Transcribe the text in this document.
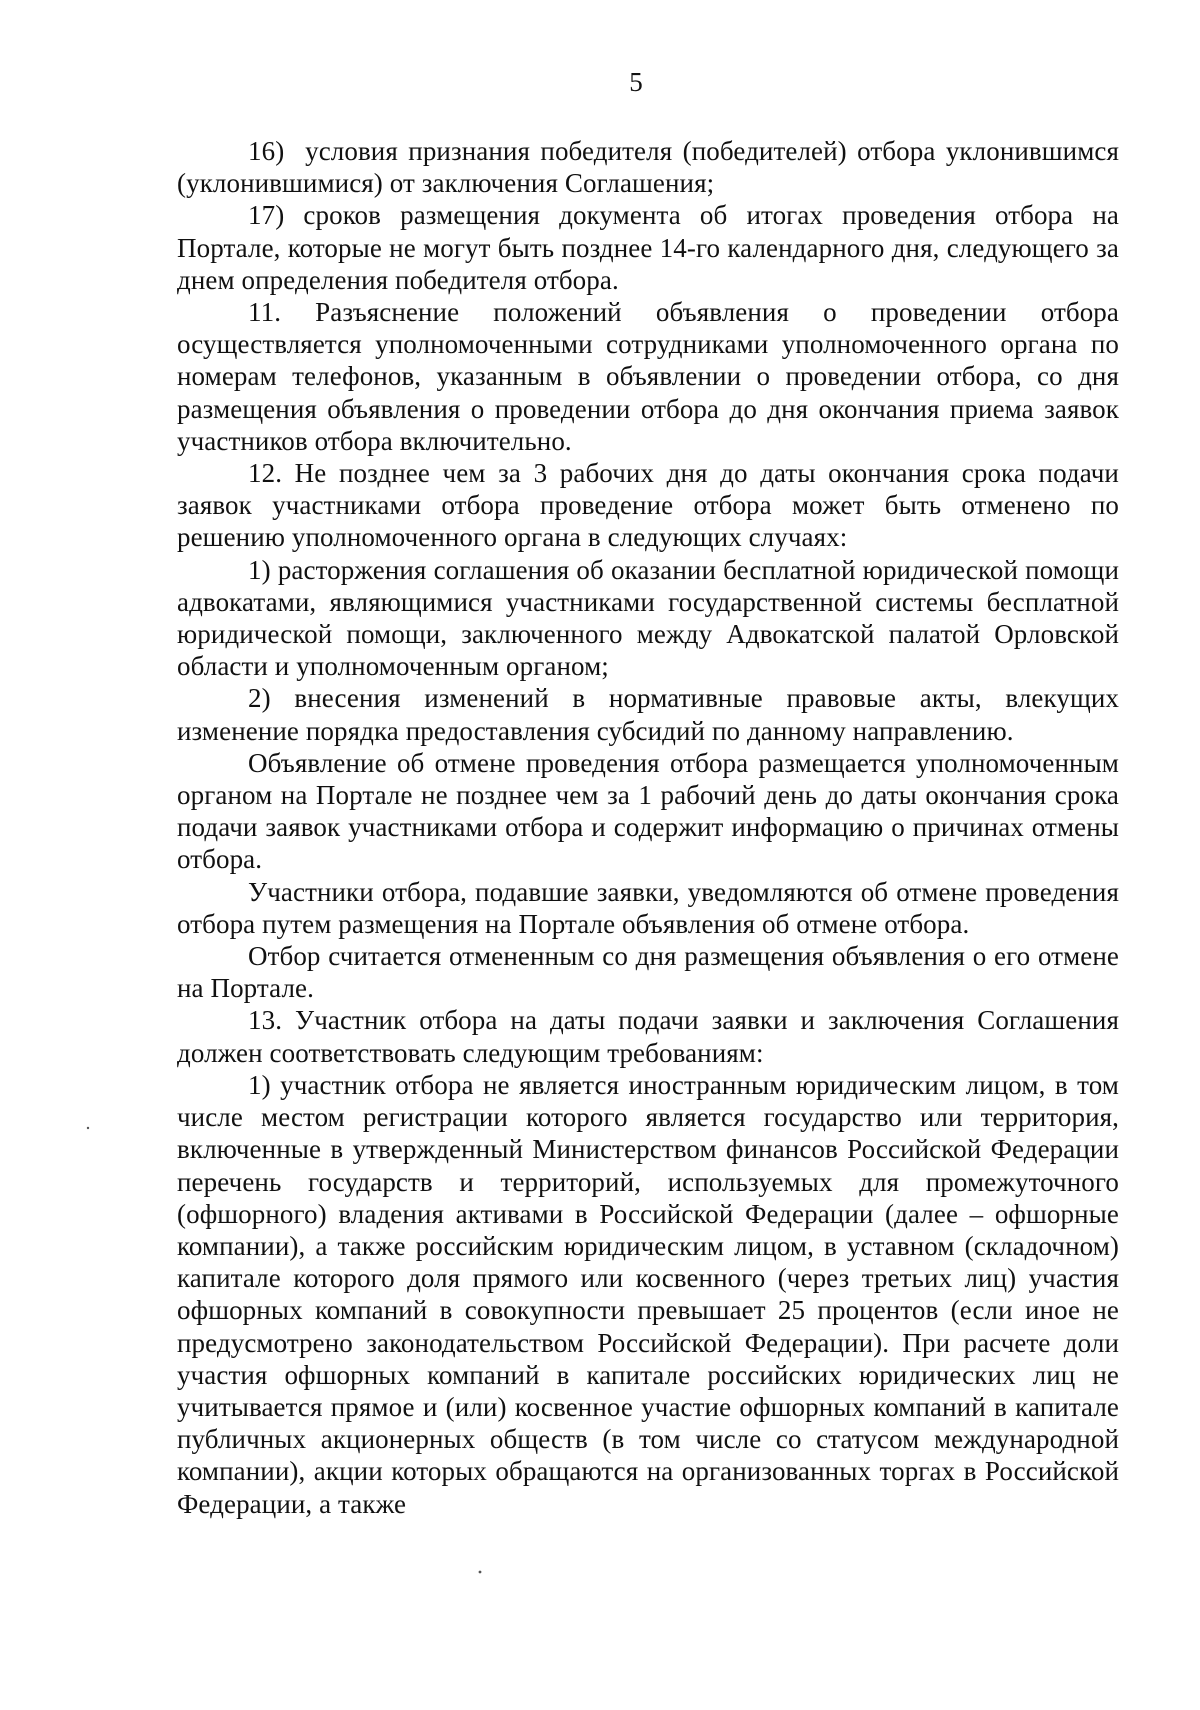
5

16)  условия признания победителя (победителей) отбора уклонившимся (уклонившимися) от заключения Соглашения;

17) сроков размещения документа об итогах проведения отбора на Портале, которые не могут быть позднее 14-го календарного дня, следующего за днем определения победителя отбора.

11. Разъяснение положений объявления о проведении отбора осуществляется уполномоченными сотрудниками уполномоченного органа по номерам телефонов, указанным в объявлении о проведении отбора, со дня размещения объявления о проведении отбора до дня окончания приема заявок участников отбора включительно.

12. Не позднее чем за 3 рабочих дня до даты окончания срока подачи заявок участниками отбора проведение отбора может быть отменено по решению уполномоченного органа в следующих случаях:

1) расторжения соглашения об оказании бесплатной юридической помощи адвокатами, являющимися участниками государственной системы бесплатной юридической помощи, заключенного между Адвокатской палатой Орловской области и уполномоченным органом;

2) внесения изменений в нормативные правовые акты, влекущих изменение порядка предоставления субсидий по данному направлению.

Объявление об отмене проведения отбора размещается уполномоченным органом на Портале не позднее чем за 1 рабочий день до даты окончания срока подачи заявок участниками отбора и содержит информацию о причинах отмены отбора.

Участники отбора, подавшие заявки, уведомляются об отмене проведения отбора путем размещения на Портале объявления об отмене отбора.

Отбор считается отмененным со дня размещения объявления о его отмене на Портале.

13. Участник отбора на даты подачи заявки и заключения Соглашения должен соответствовать следующим требованиям:

1) участник отбора не является иностранным юридическим лицом, в том числе местом регистрации которого является государство или территория, включенные в утвержденный Министерством финансов Российской Федерации перечень государств и территорий, используемых для промежуточного (офшорного) владения активами в Российской Федерации (далее – офшорные компании), а также российским юридическим лицом, в уставном (складочном) капитале которого доля прямого или косвенного (через третьих лиц) участия офшорных компаний в совокупности превышает 25 процентов (если иное не предусмотрено законодательством Российской Федерации). При расчете доли участия офшорных компаний в капитале российских юридических лиц не учитывается прямое и (или) косвенное участие офшорных компаний в капитале публичных акционерных обществ (в том числе со статусом международной компании), акции которых обращаются на организованных торгах в Российской Федерации, а также
